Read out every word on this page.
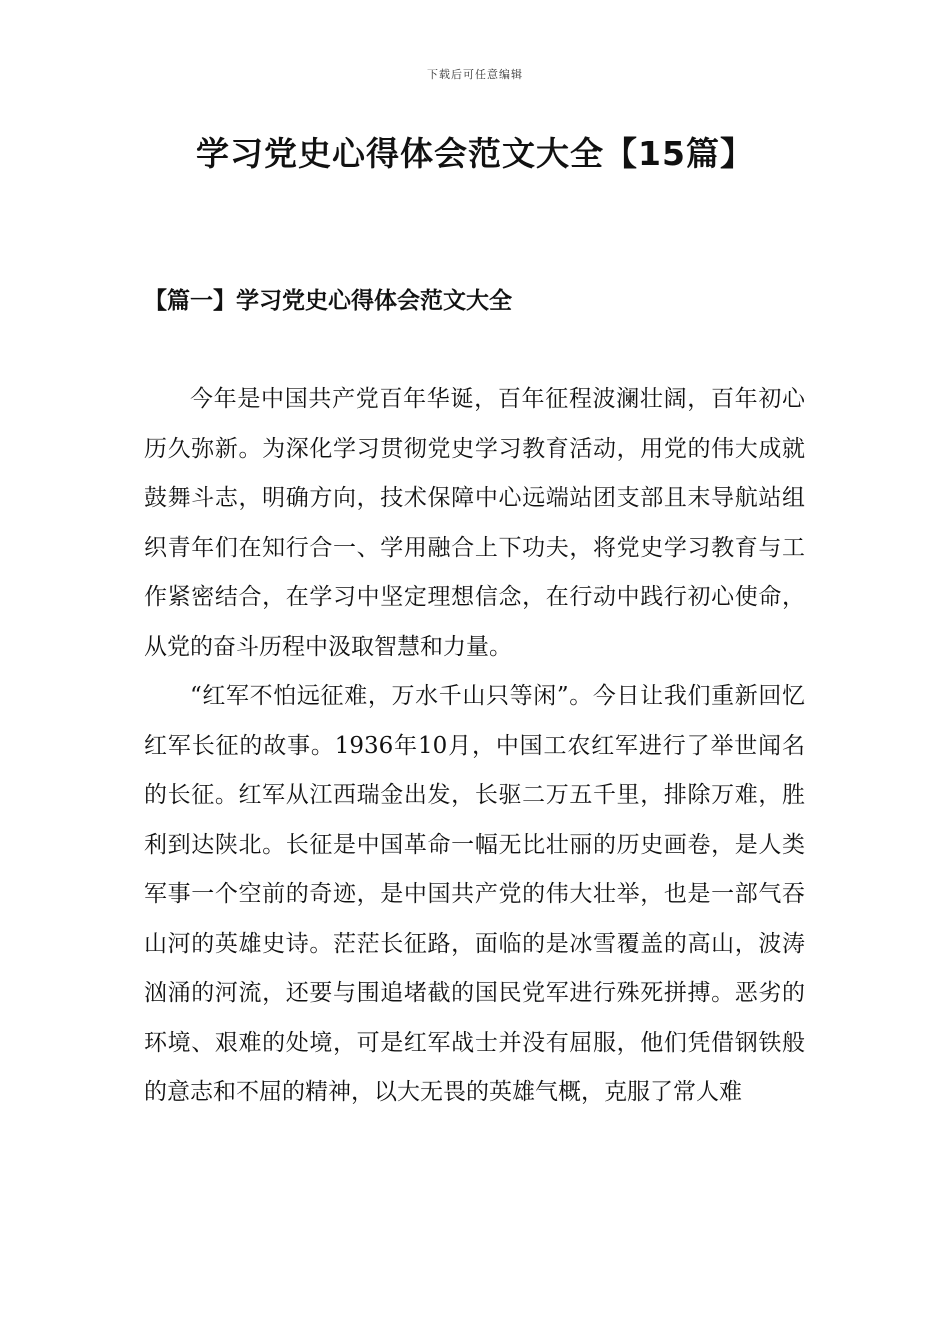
下载后可任意编辑
学习党史心得体会范文大全【15篇】
【篇一】学习党史心得体会范文大全

今年是中国共产党百年华诞，百年征程波澜壮阔，百年初心历久弥新。为深化学习贯彻党史学习教育活动，用党的伟大成就鼓舞斗志，明确方向，技术保障中心远端站团支部且末导航站组织青年们在知行合一、学用融合上下功夫，将党史学习教育与工作紧密结合，在学习中坚定理想信念，在行动中践行初心使命，从党的奋斗历程中汲取智慧和力量。

“红军不怕远征难，万水千山只等闲”。今日让我们重新回忆红军长征的故事。1936年10月，中国工农红军进行了举世闻名的长征。红军从江西瑞金出发，长驱二万五千里，排除万难，胜利到达陕北。长征是中国革命一幅无比壮丽的历史画卷，是人类军事一个空前的奇迹，是中国共产党的伟大壮举，也是一部气吞山河的英雄史诗。茫茫长征路，面临的是冰雪覆盖的高山，波涛汹涌的河流，还要与围追堵截的国民党军进行殊死拼搏。恶劣的环境、艰难的处境，可是红军战士并没有屈服，他们凭借钢铁般的意志和不屈的精神，以大无畏的英雄气概，克服了常人难
